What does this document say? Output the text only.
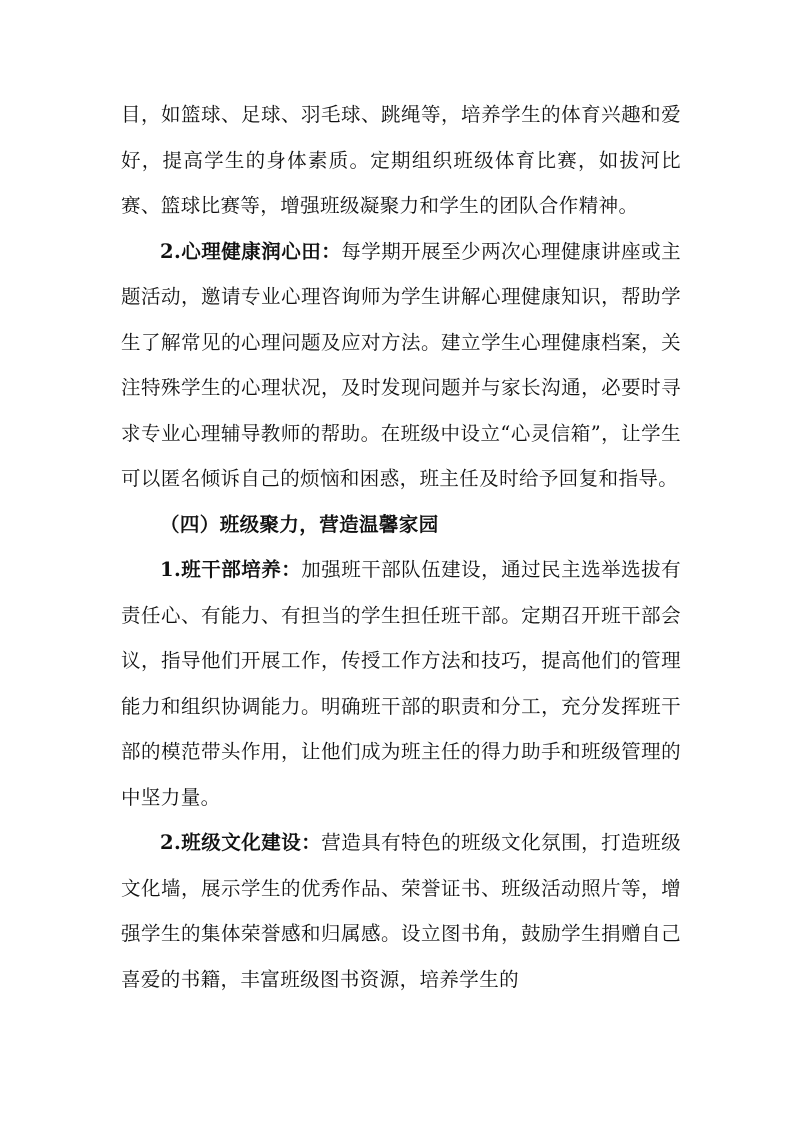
目，如篮球、足球、羽毛球、跳绳等，培养学生的体育兴趣和爱好，提高学生的身体素质。定期组织班级体育比赛，如拔河比赛、篮球比赛等，增强班级凝聚力和学生的团队合作精神。

2.心理健康润心田：每学期开展至少两次心理健康讲座或主题活动，邀请专业心理咨询师为学生讲解心理健康知识，帮助学生了解常见的心理问题及应对方法。建立学生心理健康档案，关注特殊学生的心理状况，及时发现问题并与家长沟通，必要时寻求专业心理辅导教师的帮助。在班级中设立“心灵信箱”，让学生可以匿名倾诉自己的烦恼和困惑，班主任及时给予回复和指导。

（四）班级聚力，营造温馨家园

1.班干部培养：加强班干部队伍建设，通过民主选举选拔有责任心、有能力、有担当的学生担任班干部。定期召开班干部会议，指导他们开展工作，传授工作方法和技巧，提高他们的管理能力和组织协调能力。明确班干部的职责和分工，充分发挥班干部的模范带头作用，让他们成为班主任的得力助手和班级管理的中坚力量。

2.班级文化建设：营造具有特色的班级文化氛围，打造班级文化墙，展示学生的优秀作品、荣誉证书、班级活动照片等，增强学生的集体荣誉感和归属感。设立图书角，鼓励学生捐赠自己喜爱的书籍，丰富班级图书资源，培养学生的
